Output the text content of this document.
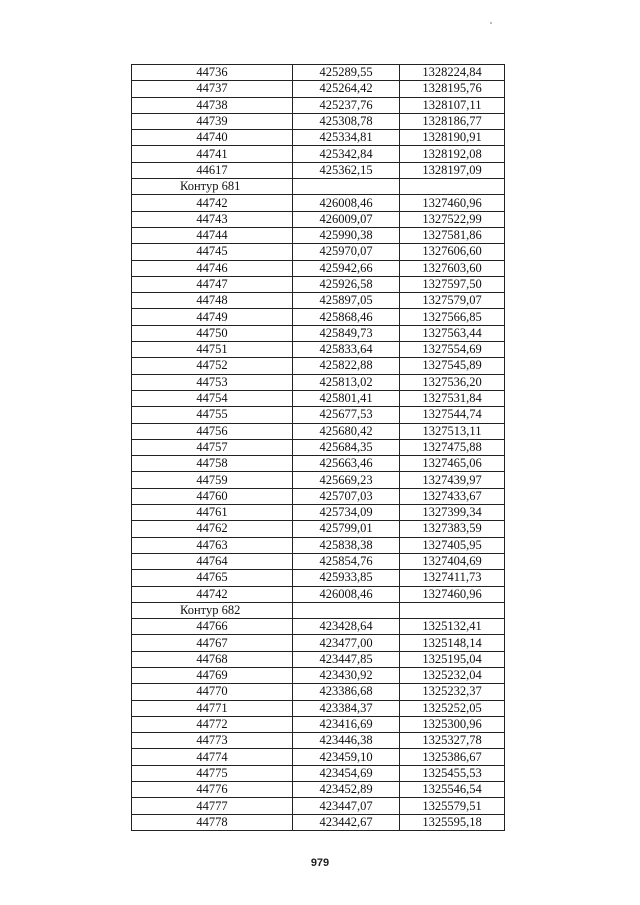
44736	425289,55	1328224,84
44737	425264,42	1328195,76
44738	425237,76	1328107,11
44739	425308,78	1328186,77
44740	425334,81	1328190,91
44741	425342,84	1328192,08
44617	425362,15	1328197,09
Контур 681		
44742	426008,46	1327460,96
44743	426009,07	1327522,99
44744	425990,38	1327581,86
44745	425970,07	1327606,60
44746	425942,66	1327603,60
44747	425926,58	1327597,50
44748	425897,05	1327579,07
44749	425868,46	1327566,85
44750	425849,73	1327563,44
44751	425833,64	1327554,69
44752	425822,88	1327545,89
44753	425813,02	1327536,20
44754	425801,41	1327531,84
44755	425677,53	1327544,74
44756	425680,42	1327513,11
44757	425684,35	1327475,88
44758	425663,46	1327465,06
44759	425669,23	1327439,97
44760	425707,03	1327433,67
44761	425734,09	1327399,34
44762	425799,01	1327383,59
44763	425838,38	1327405,95
44764	425854,76	1327404,69
44765	425933,85	1327411,73
44742	426008,46	1327460,96
Контур 682		
44766	423428,64	1325132,41
44767	423477,00	1325148,14
44768	423447,85	1325195,04
44769	423430,92	1325232,04
44770	423386,68	1325232,37
44771	423384,37	1325252,05
44772	423416,69	1325300,96
44773	423446,38	1325327,78
44774	423459,10	1325386,67
44775	423454,69	1325455,53
44776	423452,89	1325546,54
44777	423447,07	1325579,51
44778	423442,67	1325595,18
979
